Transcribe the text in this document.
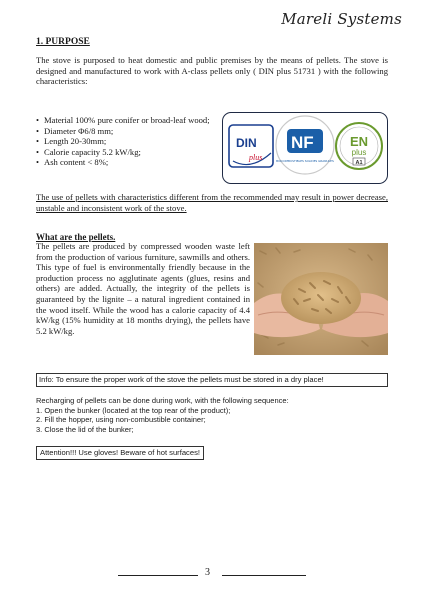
Mareli Systems
1. PURPOSE
The stove is purposed to heat domestic and public premises by the means of pellets. The stove is designed and manufactured to work with A-class pellets only ( DIN plus 51731 ) with the following characteristics:
• Material 100% pure conifer or broad-leaf wood;
• Diameter Φ6/8 mm;
• Length 20-30mm;
• Calorie capacity 5.2 kW/kg;
• Ash content < 8%;
DIN
plus
NF
BIOCOMBUSTIBLES SOLIDES GRANULES
EN
plus
A1
The use of pellets with characteristics different from the recommended may result in power decrease, unstable and inconsistent work of the stove.
What are the pellets.
The pellets are produced by compressed wooden waste left from the production of various furniture, sawmills and others. This type of fuel is environmentally friendly because in the production process no agglutinate agents (glues, resins and others) are added. Actually, the integrity of the pellets is guaranteed by the lignite – a natural ingredient contained in the wood itself. While the wood has a calorie capacity of 4.4 kW/kg (15% humidity at 18 months drying), the pellets have 5.2 kW/kg.
Info: To ensure the proper work of the stove the pellets must be stored in a dry place!
Recharging of pellets can be done during work, with the following sequence:
1. Open the bunker (located at the top rear of the product);
2. Fill the hopper, using non-combustible container;
3. Close the lid of the bunker;
Attention!!! Use gloves! Beware of hot surfaces!
3
